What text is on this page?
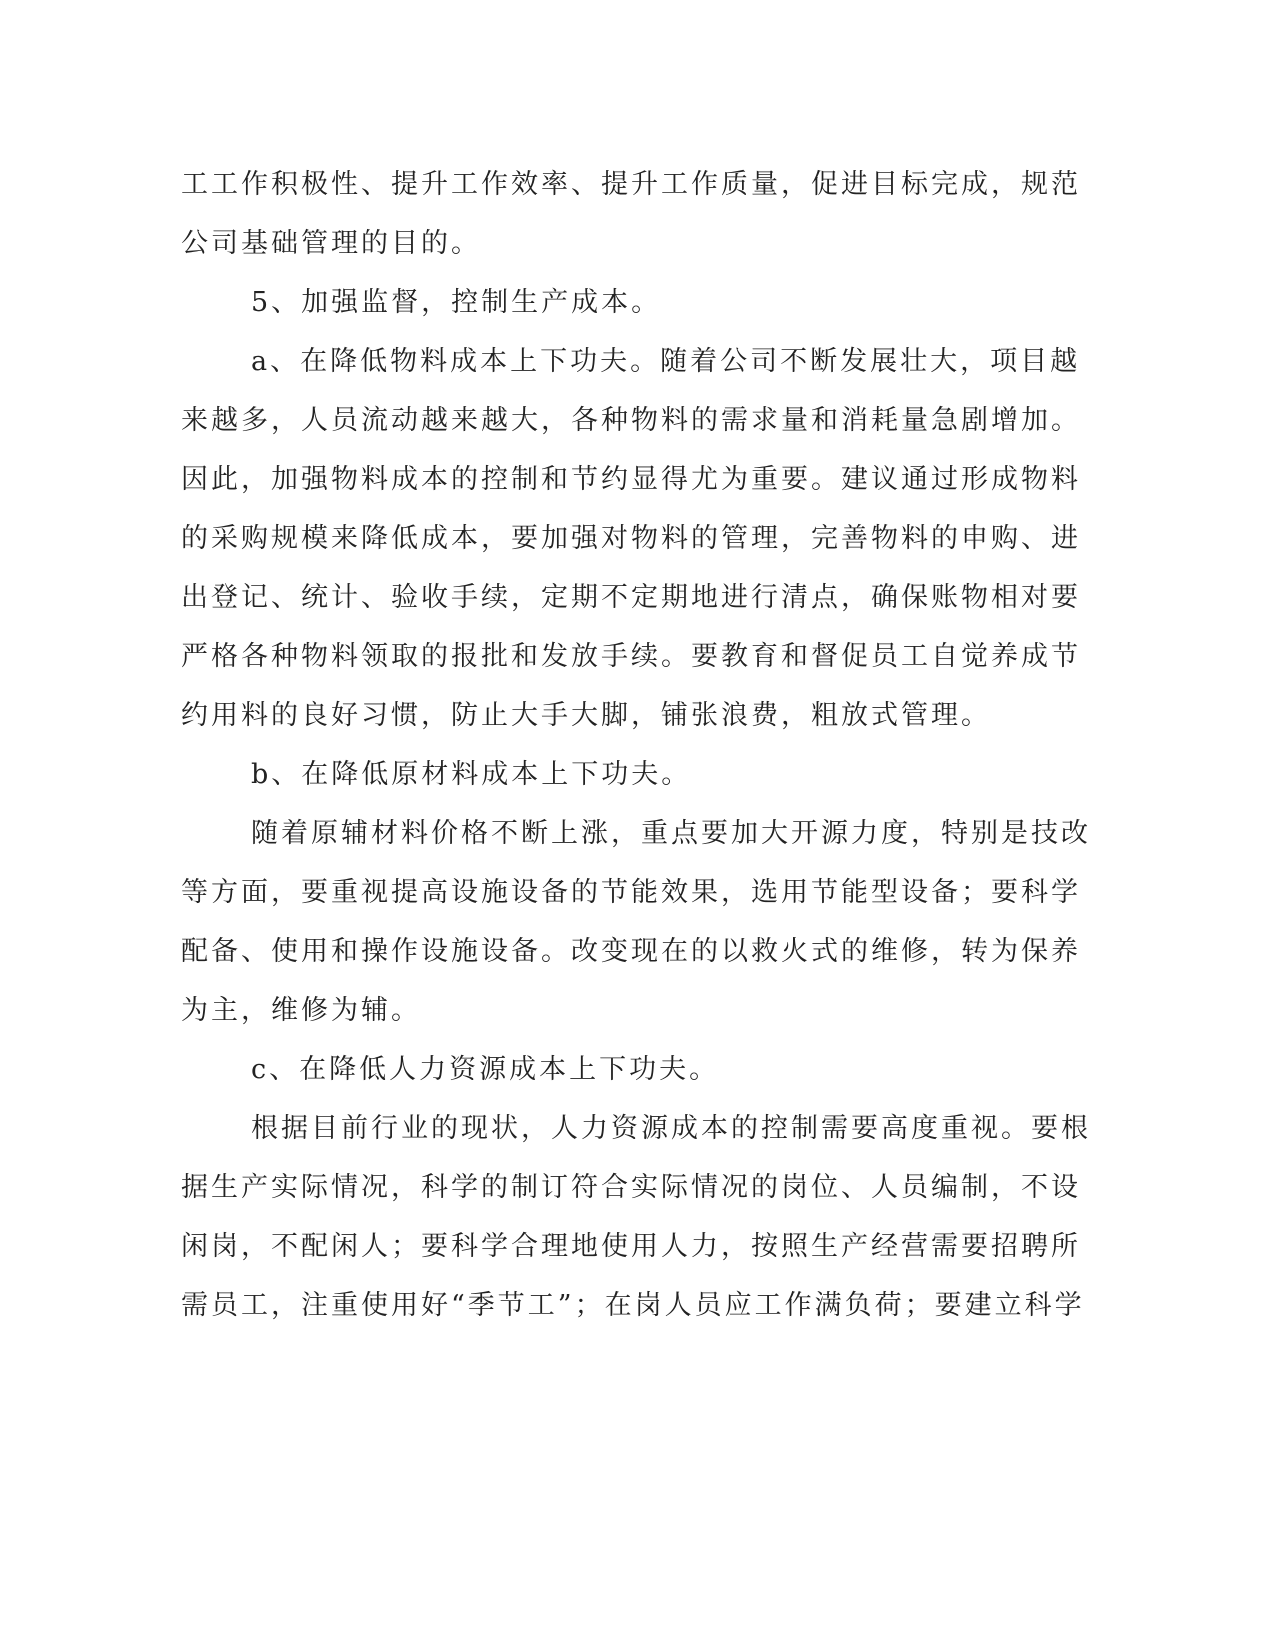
工工作积极性、提升工作效率、提升工作质量，促进目标完成，规范
公司基础管理的目的。
5、加强监督，控制生产成本。
a、在降低物料成本上下功夫。随着公司不断发展壮大，项目越
来越多，人员流动越来越大，各种物料的需求量和消耗量急剧增加。
因此，加强物料成本的控制和节约显得尤为重要。建议通过形成物料
的采购规模来降低成本，要加强对物料的管理，完善物料的申购、进
出登记、统计、验收手续，定期不定期地进行清点，确保账物相对要
严格各种物料领取的报批和发放手续。要教育和督促员工自觉养成节
约用料的良好习惯，防止大手大脚，铺张浪费，粗放式管理。
b、在降低原材料成本上下功夫。
随着原辅材料价格不断上涨，重点要加大开源力度，特别是技改
等方面，要重视提高设施设备的节能效果，选用节能型设备；要科学
配备、使用和操作设施设备。改变现在的以救火式的维修，转为保养
为主，维修为辅。
c、在降低人力资源成本上下功夫。
根据目前行业的现状，人力资源成本的控制需要高度重视。要根
据生产实际情况，科学的制订符合实际情况的岗位、人员编制，不设
闲岗，不配闲人；要科学合理地使用人力，按照生产经营需要招聘所
需员工，注重使用好“季节工”；在岗人员应工作满负荷；要建立科学
